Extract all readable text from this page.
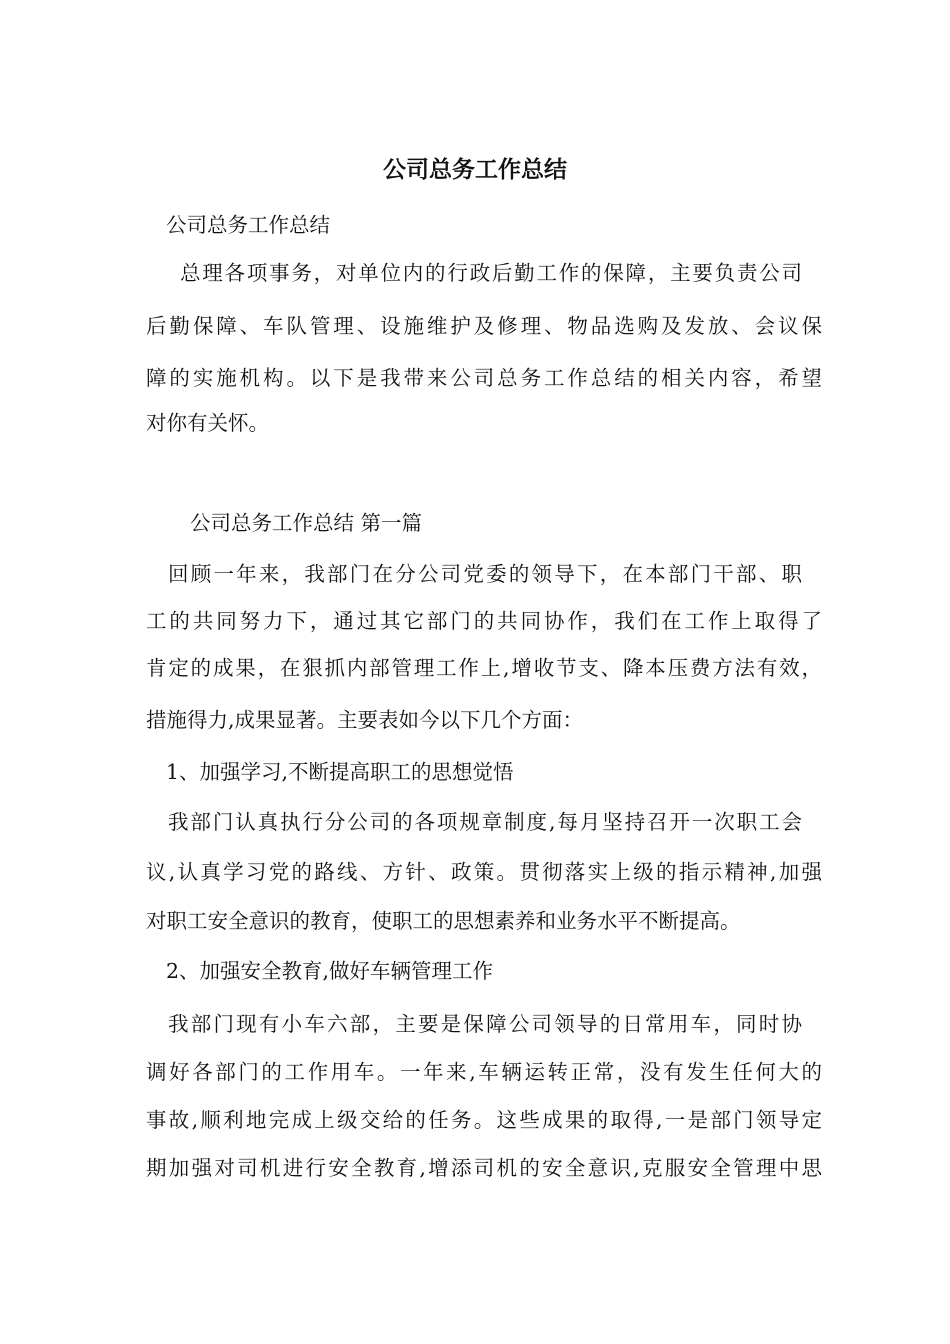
公司总务工作总结
公司总务工作总结
总理各项事务，对单位内的行政后勤工作的保障，主要负责公司
后勤保障、车队管理、设施维护及修理、物品选购及发放、会议保
障的实施机构。以下是我带来公司总务工作总结的相关内容，希望
对你有关怀。
公司总务工作总结 第一篇
回顾一年来，我部门在分公司党委的领导下，在本部门干部、职
工的共同努力下，通过其它部门的共同协作，我们在工作上取得了
肯定的成果，在狠抓内部管理工作上,增收节支、降本压费方法有效，
措施得力,成果显著。主要表如今以下几个方面：
1、加强学习,不断提高职工的思想觉悟
我部门认真执行分公司的各项规章制度,每月坚持召开一次职工会
议,认真学习党的路线、方针、政策。贯彻落实上级的指示精神,加强
对职工安全意识的教育，使职工的思想素养和业务水平不断提高。
2、加强安全教育,做好车辆管理工作
我部门现有小车六部，主要是保障公司领导的日常用车，同时协
调好各部门的工作用车。一年来,车辆运转正常，没有发生任何大的
事故,顺利地完成上级交给的任务。这些成果的取得,一是部门领导定
期加强对司机进行安全教育,增添司机的安全意识,克服安全管理中思
